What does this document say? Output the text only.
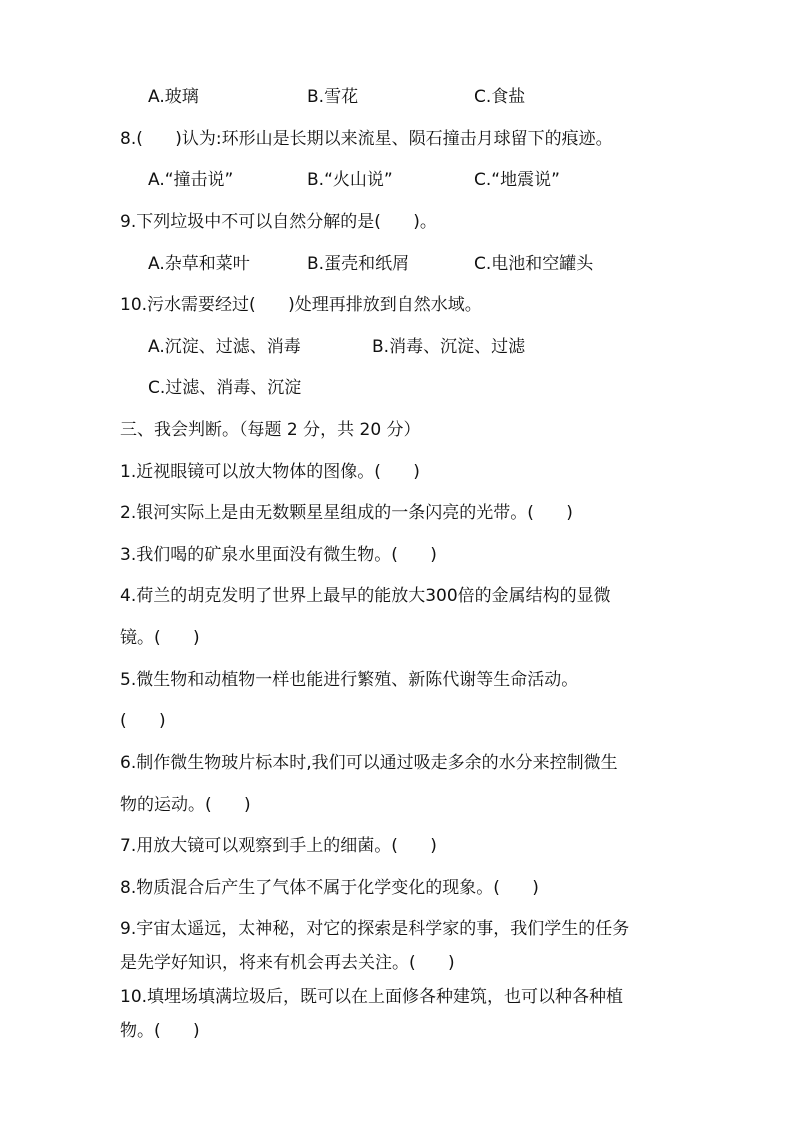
A.玻璃

	B.雪花

	C.食盐

8.(      )认为:环形山是长期以来流星、陨石撞击月球留下的痕迹。

A.“撞击说”

	B.“火山说”

	C.“地震说”

9.下列垃圾中不可以自然分解的是(      )。

A.杂草和菜叶

	B.蛋壳和纸屑

	C.电池和空罐头

10.污水需要经过(      )处理再排放到自然水域。

A.沉淀、过滤、消毒

	B.消毒、沉淀、过滤

C.过滤、消毒、沉淀
三、我会判断。（每题 2 分，共 20 分）
1.近视眼镜可以放大物体的图像。(      )
2.银河实际上是由无数颗星星组成的一条闪亮的光带。(      )
3.我们喝的矿泉水里面没有微生物。(      )
4.荷兰的胡克发明了世界上最早的能放大300倍的金属结构的显微
镜。(      )
5.微生物和动植物一样也能进行繁殖、新陈代谢等生命活动。
(      )
6.制作微生物玻片标本时,我们可以通过吸走多余的水分来控制微生
物的运动。(      )
7.用放大镜可以观察到手上的细菌。(      )
8.物质混合后产生了气体不属于化学变化的现象。(      )
9.宇宙太遥远，太神秘，对它的探索是科学家的事，我们学生的任务
是先学好知识，将来有机会再去关注。(      )
10.填埋场填满垃圾后，既可以在上面修各种建筑，也可以种各种植
物。(      )
